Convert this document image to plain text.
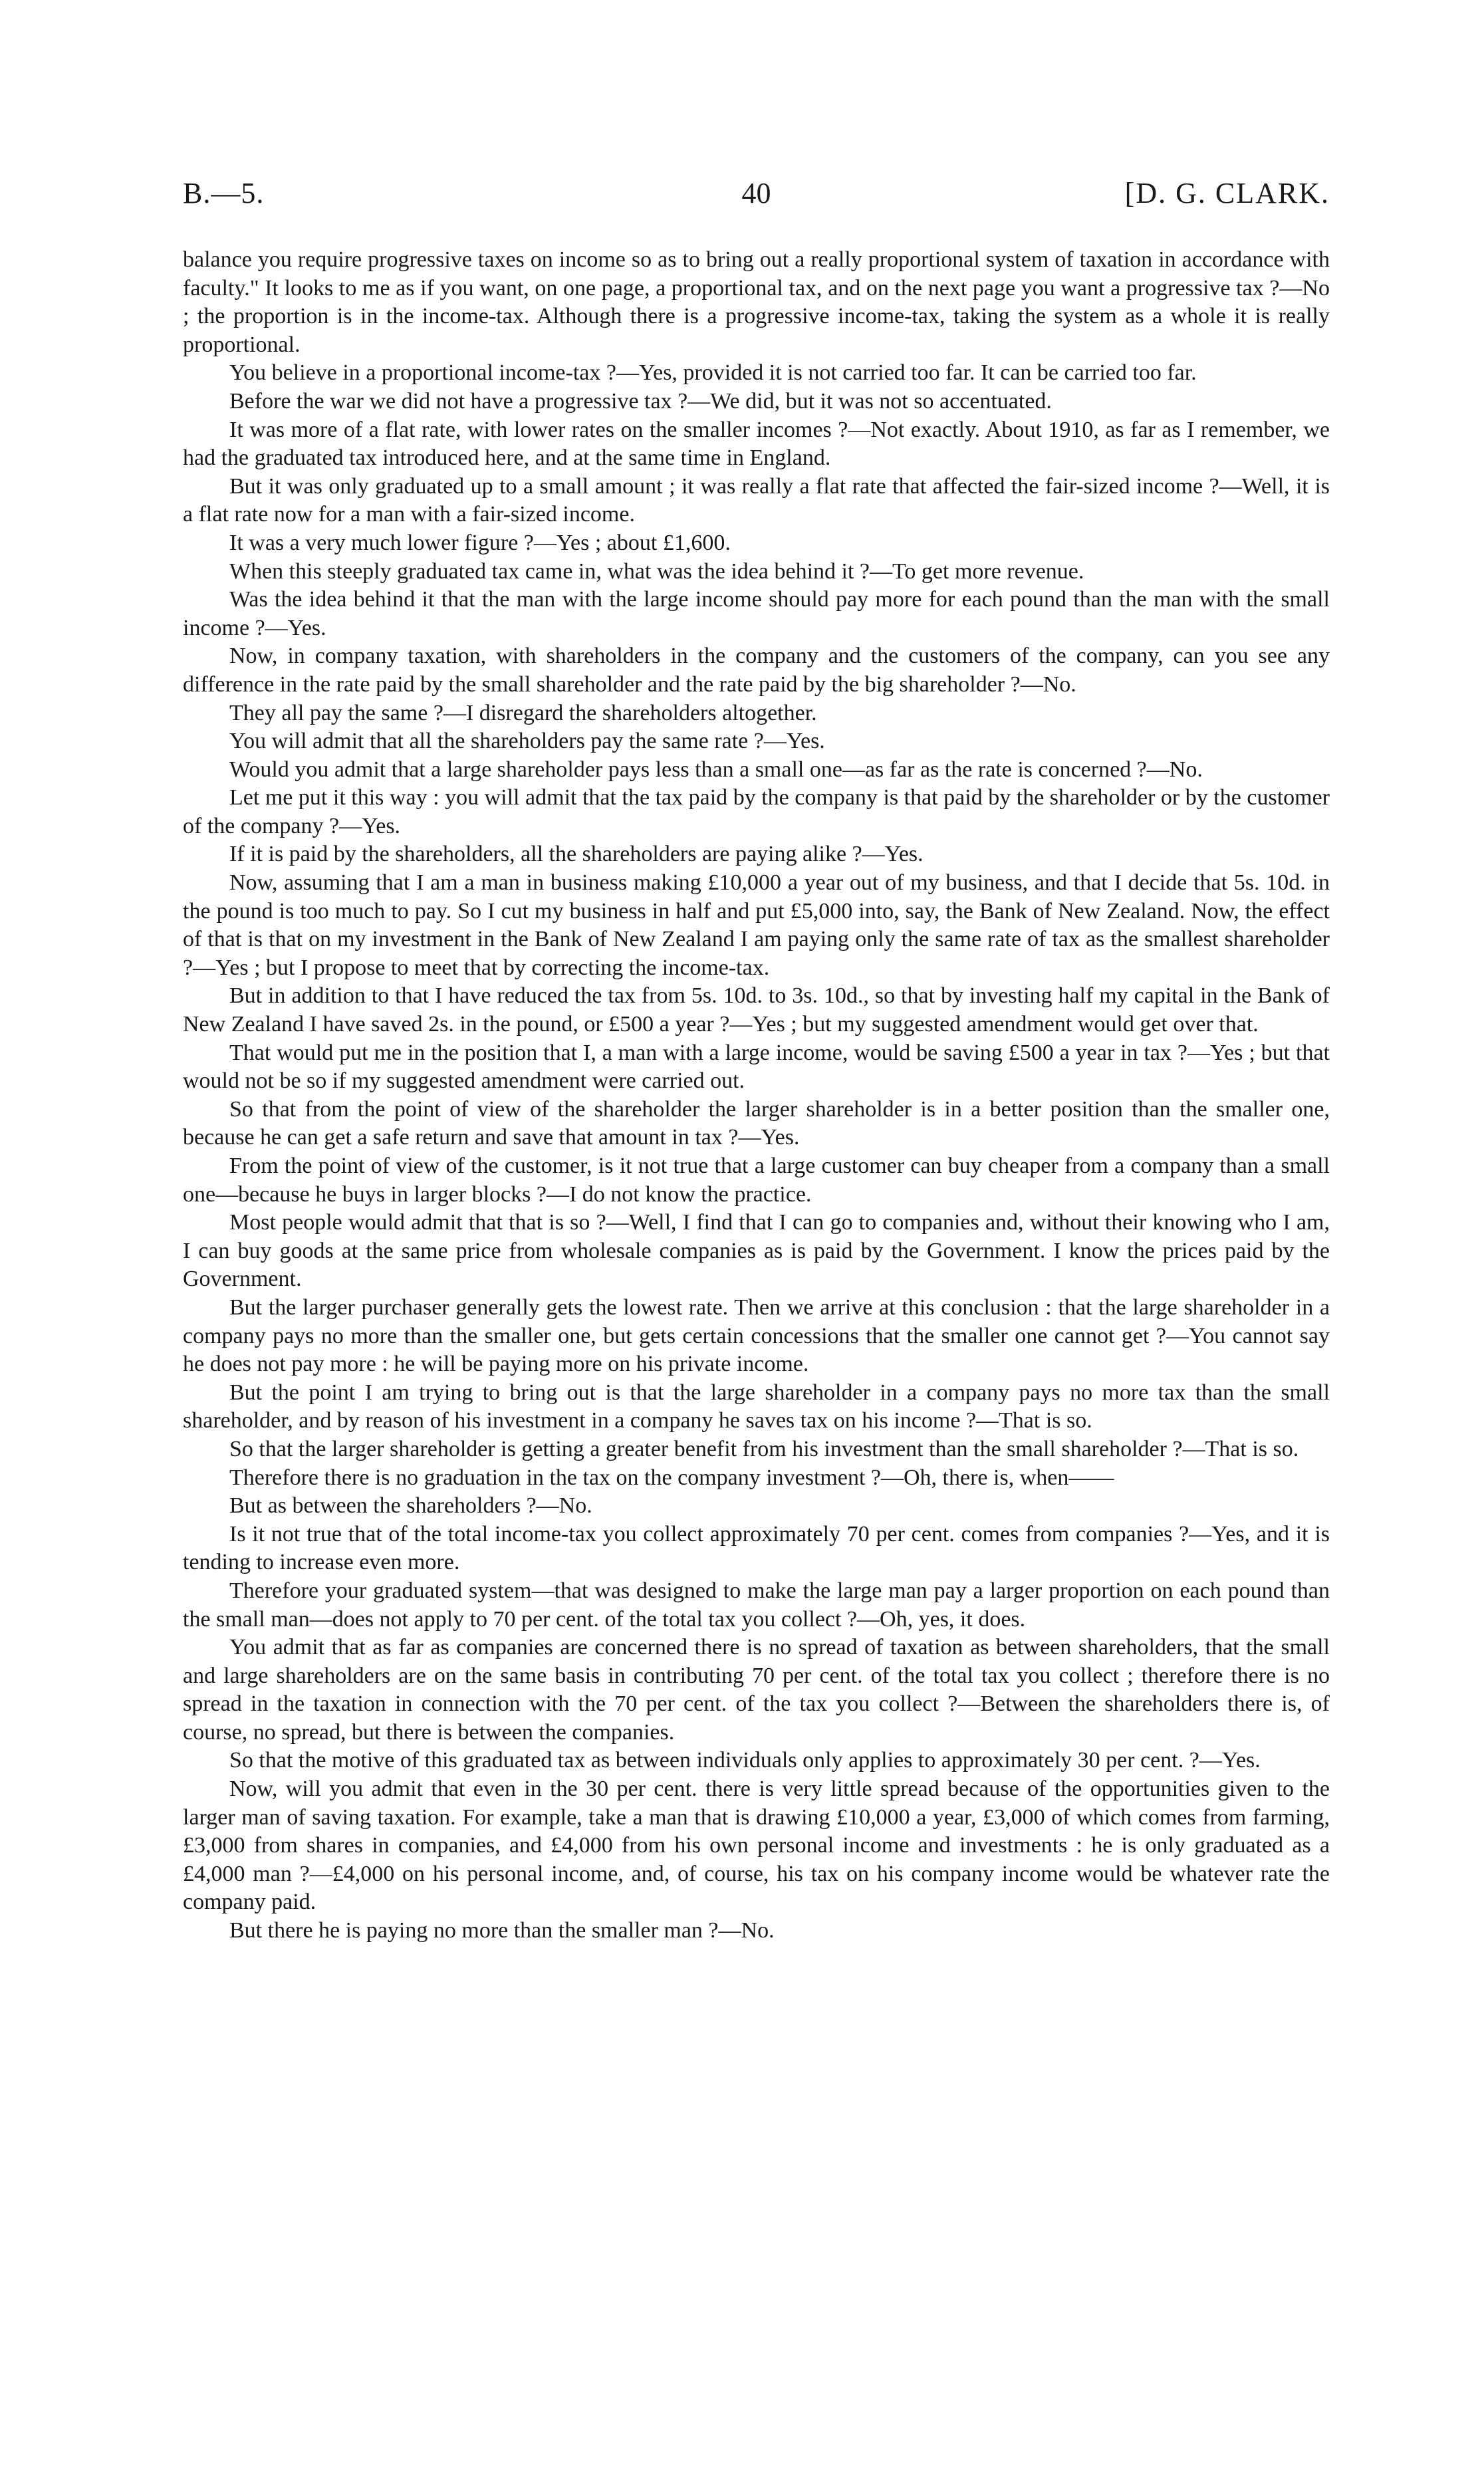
B.—5.	40	[D. G. CLARK.

balance you require progressive taxes on income so as to bring out a really proportional system of taxation in accordance with faculty." It looks to me as if you want, on one page, a proportional tax, and on the next page you want a progressive tax ?—No ; the proportion is in the income-tax. Although there is a progressive income-tax, taking the system as a whole it is really proportional.

You believe in a proportional income-tax ?—Yes, provided it is not carried too far. It can be carried too far.

Before the war we did not have a progressive tax ?—We did, but it was not so accentuated.

It was more of a flat rate, with lower rates on the smaller incomes ?—Not exactly. About 1910, as far as I remember, we had the graduated tax introduced here, and at the same time in England.

But it was only graduated up to a small amount ; it was really a flat rate that affected the fair-sized income ?—Well, it is a flat rate now for a man with a fair-sized income.

It was a very much lower figure ?—Yes ; about £1,600.

When this steeply graduated tax came in, what was the idea behind it ?—To get more revenue.

Was the idea behind it that the man with the large income should pay more for each pound than the man with the small income ?—Yes.

Now, in company taxation, with shareholders in the company and the customers of the company, can you see any difference in the rate paid by the small shareholder and the rate paid by the big shareholder ?—No.

They all pay the same ?—I disregard the shareholders altogether.

You will admit that all the shareholders pay the same rate ?—Yes.

Would you admit that a large shareholder pays less than a small one—as far as the rate is concerned ?—No.

Let me put it this way : you will admit that the tax paid by the company is that paid by the shareholder or by the customer of the company ?—Yes.

If it is paid by the shareholders, all the shareholders are paying alike ?—Yes.

Now, assuming that I am a man in business making £10,000 a year out of my business, and that I decide that 5s. 10d. in the pound is too much to pay. So I cut my business in half and put £5,000 into, say, the Bank of New Zealand. Now, the effect of that is that on my investment in the Bank of New Zealand I am paying only the same rate of tax as the smallest shareholder ?—Yes ; but I propose to meet that by correcting the income-tax.

But in addition to that I have reduced the tax from 5s. 10d. to 3s. 10d., so that by investing half my capital in the Bank of New Zealand I have saved 2s. in the pound, or £500 a year ?—Yes ; but my suggested amendment would get over that.

That would put me in the position that I, a man with a large income, would be saving £500 a year in tax ?—Yes ; but that would not be so if my suggested amendment were carried out.

So that from the point of view of the shareholder the larger shareholder is in a better position than the smaller one, because he can get a safe return and save that amount in tax ?—Yes.

From the point of view of the customer, is it not true that a large customer can buy cheaper from a company than a small one—because he buys in larger blocks ?—I do not know the practice.

Most people would admit that that is so ?—Well, I find that I can go to companies and, without their knowing who I am, I can buy goods at the same price from wholesale companies as is paid by the Government. I know the prices paid by the Government.

But the larger purchaser generally gets the lowest rate. Then we arrive at this conclusion : that the large shareholder in a company pays no more than the smaller one, but gets certain concessions that the smaller one cannot get ?—You cannot say he does not pay more : he will be paying more on his private income.

But the point I am trying to bring out is that the large shareholder in a company pays no more tax than the small shareholder, and by reason of his investment in a company he saves tax on his income ?—That is so.

So that the larger shareholder is getting a greater benefit from his investment than the small shareholder ?—That is so.

Therefore there is no graduation in the tax on the company investment ?—Oh, there is, when——

But as between the shareholders ?—No.

Is it not true that of the total income-tax you collect approximately 70 per cent. comes from companies ?—Yes, and it is tending to increase even more.

Therefore your graduated system—that was designed to make the large man pay a larger proportion on each pound than the small man—does not apply to 70 per cent. of the total tax you collect ?—Oh, yes, it does.

You admit that as far as companies are concerned there is no spread of taxation as between shareholders, that the small and large shareholders are on the same basis in contributing 70 per cent. of the total tax you collect ; therefore there is no spread in the taxation in connection with the 70 per cent. of the tax you collect ?—Between the shareholders there is, of course, no spread, but there is between the companies.

So that the motive of this graduated tax as between individuals only applies to approximately 30 per cent. ?—Yes.

Now, will you admit that even in the 30 per cent. there is very little spread because of the opportunities given to the larger man of saving taxation. For example, take a man that is drawing £10,000 a year, £3,000 of which comes from farming, £3,000 from shares in companies, and £4,000 from his own personal income and investments : he is only graduated as a £4,000 man ?—£4,000 on his personal income, and, of course, his tax on his company income would be whatever rate the company paid.

But there he is paying no more than the smaller man ?—No.
